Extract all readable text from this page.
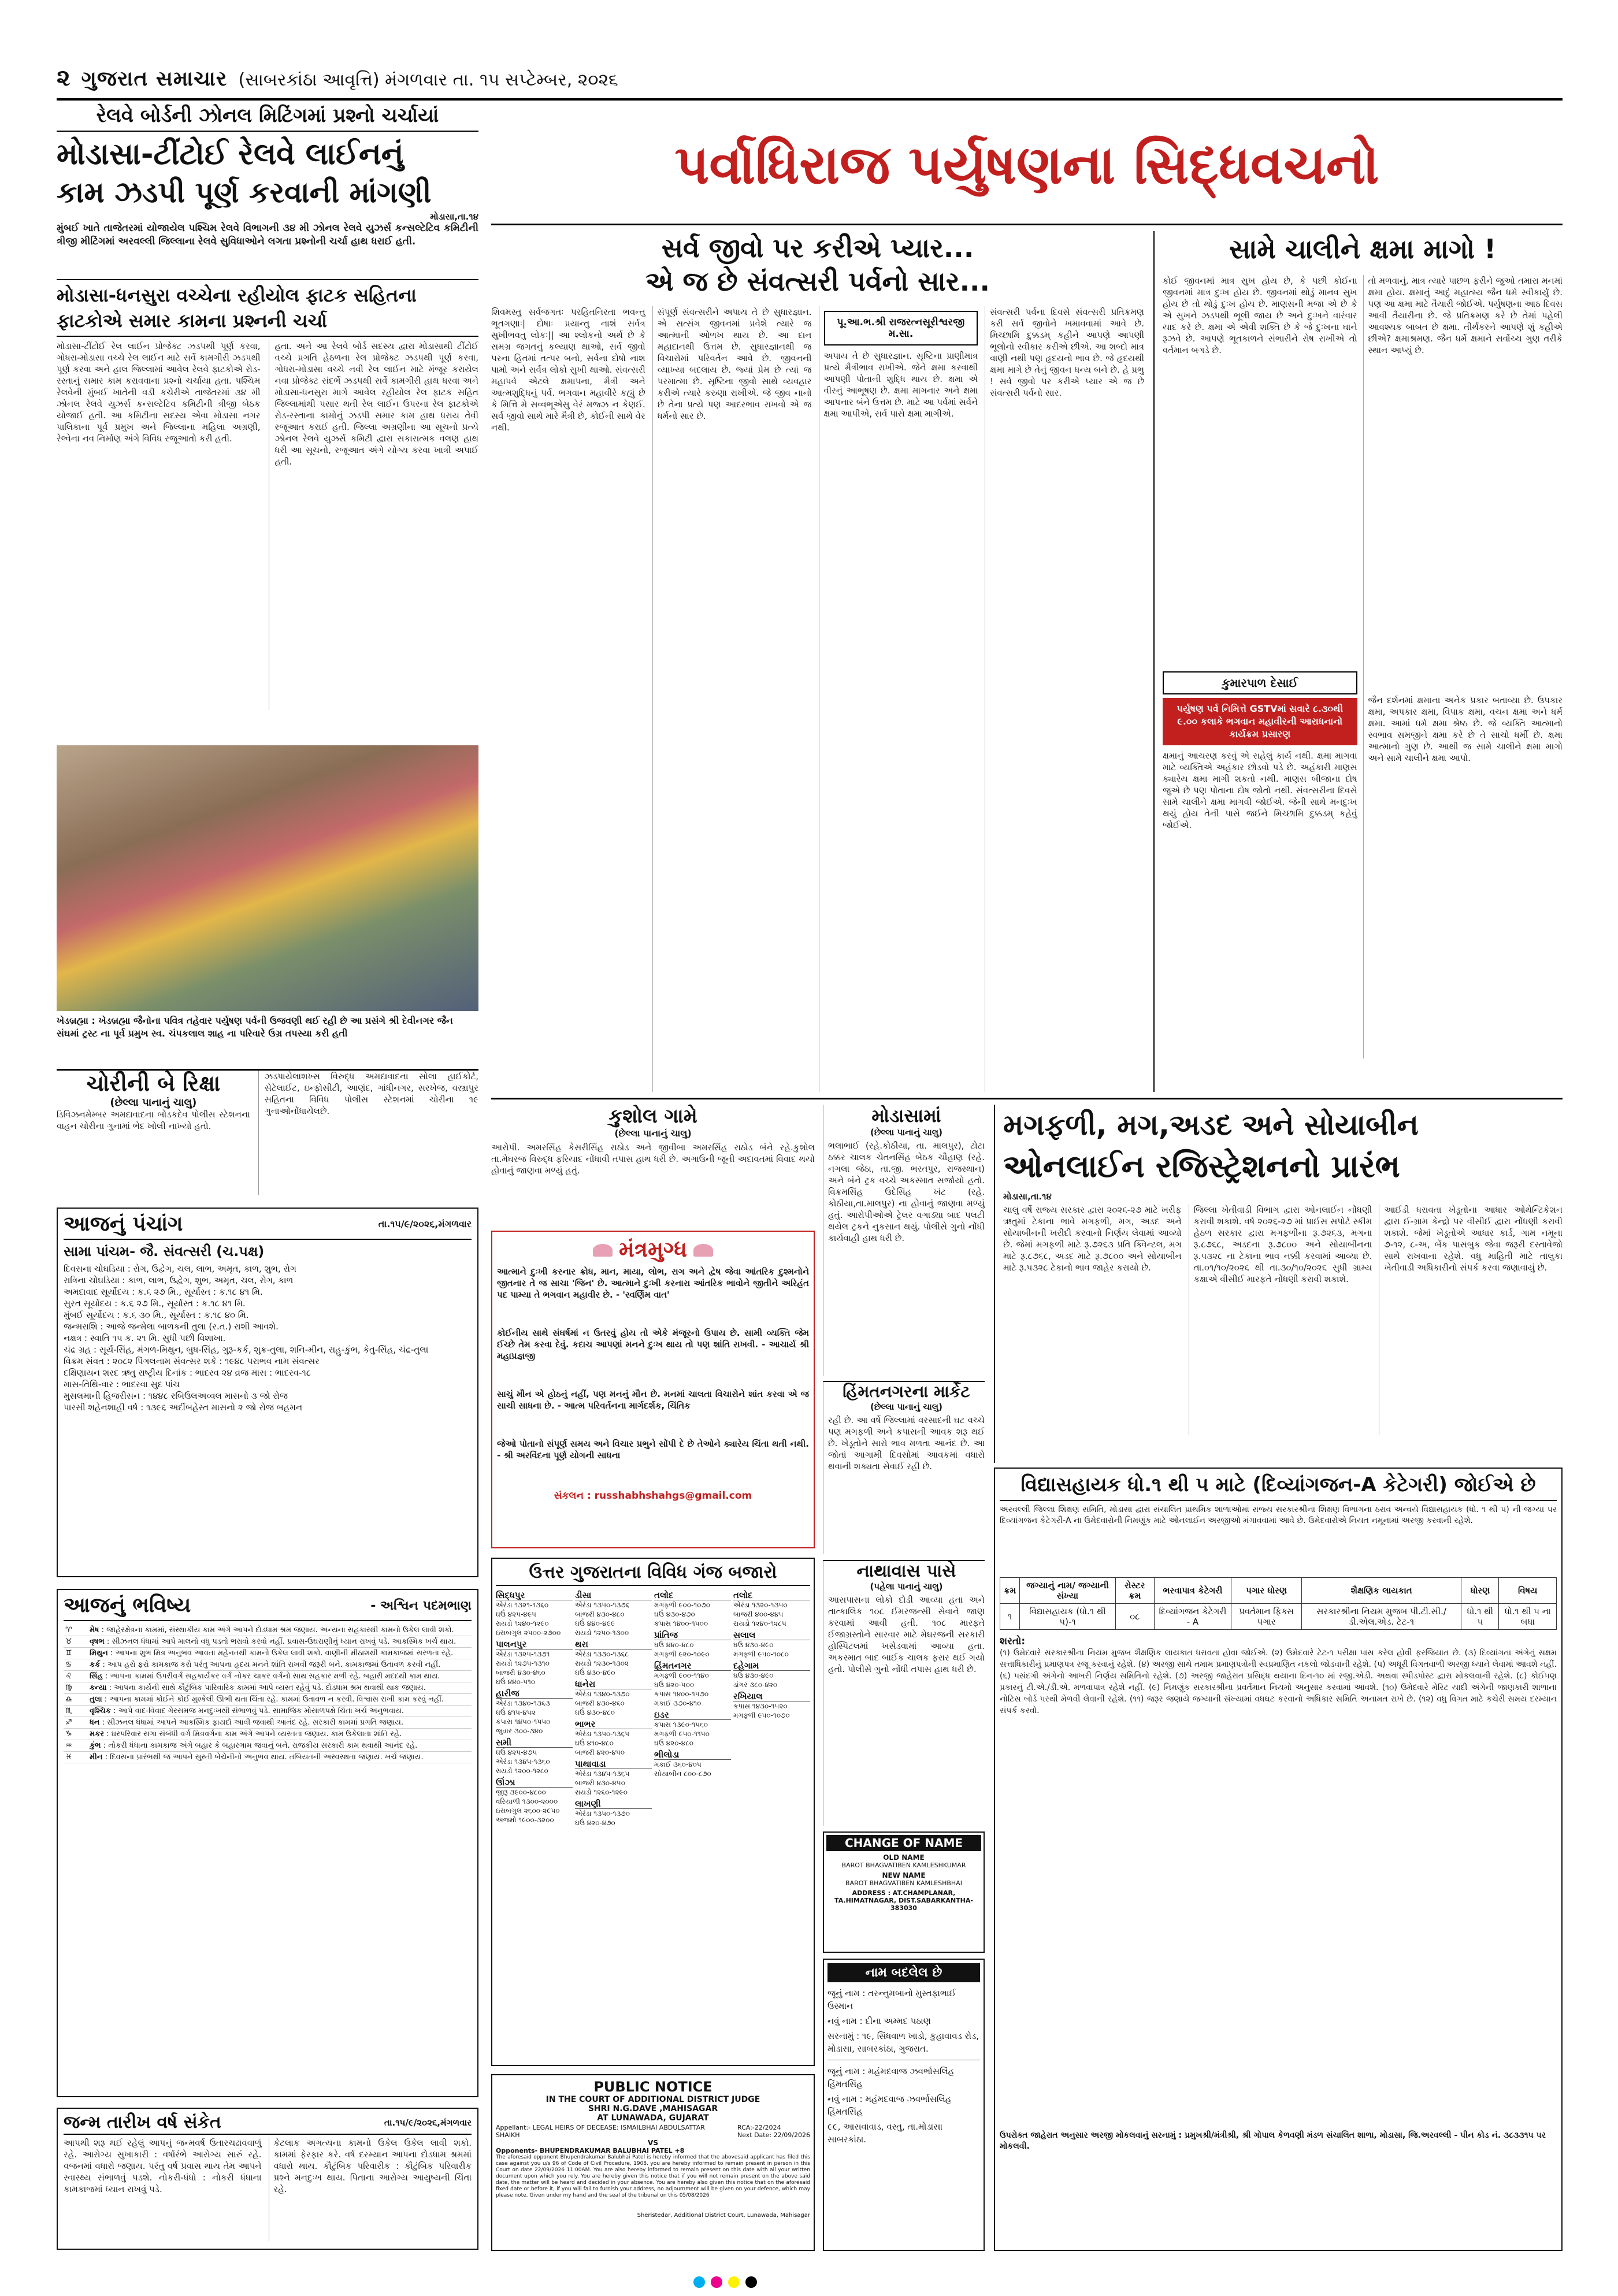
૨ ગુજરાત સમાચાર (સાબરકાંઠા આવૃત્તિ) મંગળવાર તા. ૧૫ સપ્ટેમ્બર, ૨૦૨૬
રેલવે બોર્ડની ઝોનલ મિટિંગમાં પ્રશ્નો ચર્ચાયાં
મોડાસા-ટીંટોઈ રેલવે લાઈનનું
કામ ઝડપી પૂર્ણ કરવાની માંગણી
મોડાસા,તા.૧૪
મુંબઈ ખાતે તાજેતરમાં યોજાયેલ પશ્ચિમ રેલવે વિભાગની ૩૪ મી ઝોનલ રેલવે યુઝર્સ કન્સલ્ટેટિવ કમિટીની ત્રીજી મીટિંગમાં અરવલ્લી જિલ્લાના રેલવે સુવિધાઓને લગતા પ્રશ્નોની ચર્ચા હાથ ધરાઈ હતી.
મોડાસા-ધનસુરા વચ્ચેના રહીયોલ ફાટક સહિતના ફાટકોએ સમાર કામના પ્રશ્નની ચર્ચા
મોડાસા-ટીંટોઈ રેલ લાઈન પ્રોજેક્ટ ઝડપથી પૂર્ણ કરવા, ગોધરા-મોડાસા વચ્ચે રેલ લાઈન માટે સર્વે કામગીરી ઝડપથી પૂર્ણ કરવા અને હાલ જિલ્લામાં આવેલ રેલવે ફાટકોએ રોડ-રસ્તાનું સમાર કામ કરાવવાના પ્રશ્નો ચર્ચાયા હતા. પશ્ચિમ રેલવેની મુંબઈ ખાતેની વડી કચેરીએ તાજેતરમાં ૩૪ મી ઝોનલ રેલવે યુઝર્સ કન્સલ્ટેટિવ કમિટીની ત્રીજી બેઠક યોજાઈ હતી. આ કમિટીના સદસ્ય એવા મોડાસા નગર પાલિકાના પૂર્વ પ્રમુખ અને જિલ્લાના મહિલા અગ્રણી, રેલ્વેના નવ નિર્માણ અંગે વિવિધ રજૂઆતો કરી હતી.
હતા. અને આ રેલવે બોર્ડ સદસ્ય દ્વારા મોડાસાથી ટીંટોઈ વચ્ચે પ્રગતિ હેઠળના રેલ પ્રોજેક્ટ ઝડપથી પૂર્ણ કરવા, ગોધરા-મોડાસા વચ્ચે નવી રેલ લાઈન માટે મંજૂર કરાયેલ નવા પ્રોજેક્ટ સંદર્ભે ઝડપથી સર્વે કામગીરી હાથ ધરવા અને મોડાસા-ધનસુરા માર્ગે આવેલ રહીયોલ રેલ ફાટક સહિત જિલ્લામાંથી પસાર થતી રેલ લાઈન ઉપરના રેલ ફાટકોએ રોડ-રસ્તાના કામોનું ઝડપી સમાર કામ હાથ ધરાય તેવી રજૂઆત કરાઈ હતી. જિલ્લા અગ્રણીના આ સૂચનો પ્રત્યે ઝોનલ રેલવે યુઝર્સ કમિટી દ્વારા સકારાત્મક વલણ હાથ ધરી આ સૂચનો, રજૂઆત અંગે યોગ્ય કરવા ખાત્રી અપાઈ હતી.
ખેડબ્રહ્મા : ખેડબ્રહ્મા જૈનોના પવિત્ર તહેવાર પર્યુષણ પર્વની ઉજવણી થઈ રહી છે આ પ્રસંગે શ્રી દેવીનગર જૈન સંઘમાં ટ્રસ્ટ ના પૂર્વ પ્રમુખ સ્વ. ચંપકલાલ શાહ ના પરિવારે ઉગ્ર તપસ્યા કરી હતી
ચોરીની બે રિક્ષા
(છેલ્લા પાનાનું ચાલુ)
ડિવિઝનમેમ્બર અમદાવાદના બોડકદેવ પોલીસ સ્ટેશનના વાહન ચોરીના ગુનામાં ભેદ ખોલી નાખ્યો હતો.
ઝડપાયેલાશખ્સ વિરુદ્ધ અમદાવાદના સોલા હાઈકોર્ટ, સેટેલાઈટ, ઇન્ફોસીટી, આણંદ, ગાંધીનગર, સરખેજ, વસ્ત્રાપુર સહિતના વિવિધ પોલીસ સ્ટેશનમાં ચોરીના ૧૯ ગુનાઓનોંધાયેલછે.
આજનું પંચાંગ	તા.૧૫/૯/૨૦૨૬,મંગળવાર
સામા પાંચમ- જૈ. સંવત્સરી (ચ.પક્ષ)
દિવસના ચોઘડિયા : રોગ, ઉદ્વેગ, ચલ, લાભ, અમૃત, કાળ, શુભ, રોગ
રાત્રિના ચોઘડિયા : કાળ, લાભ, ઉદ્વેગ, શુભ, અમૃત, ચલ, રોગ, કાળ
અમદાવાદ સૂર્યોદય : ક.૬ ૨૭ મિ., સૂર્યાસ્ત : ક.૧૮ ૪૧ મિ.
સુરત સૂર્યોદય : ક.૬ ૨૭ મિ., સૂર્યાસ્ત : ક.૧૮ ૪૧ મિ.
મુંબઈ સૂર્યોદય : ક.૬ ૩૦ મિ., સૂર્યાસ્ત : ક.૧૮ ૪૦ મિ.
જન્મરાશિ : આજે જન્મેલા બાળકની તુલા (ર.ત.) રાશી આવશે.
નક્ષત્ર : સ્વાતિ ૧૫ ક. ૨૧ મિ. સુધી પછી વિશાખા.
ચંદ્ર ગ્રહ : સૂર્ય-સિંહ, મંગળ-મિથુન, બુધ-સિંહ, ગુરૂ-કર્ક, શુક્ર-તુલા, શનિ-મીન, રાહુ-કુંભ, કેતુ-સિંહ, ચંદ્ર-તુલા
વિક્રમ સંવત : ૨૦૮૨ પિંગલનામ સંવત્સર શકે : ૧૯૪૮ પરાભવ નામ સંવત્સર
દક્ષિણાયન શરદ ઋતુ રાષ્ટ્રીય દિનાંક : ભાદરવ ૨૪ વ્રજ માસ : ભાદરવ-૧૮
માસ-તિથિ-વાર : ભાદરવા સુદ પાંચ
મુસલમાની હિજરીસન : ૧૪૪૮ રબિઉલઅવ્વલ માસનો ૩ જો રોજ
પારસી શહેનશાહી વર્ષ : ૧૩૯૬ અર્દીબહેસ્ત માસનો ૨ જો રોજ બહમન
આજનું ભવિષ્ય	- અશ્વિન પદમભાણ
♈	મેષ : જાહેરક્ષેત્રના કામમાં, સંસ્થાકીય કામ અંગે આપને દોડધામ શ્રમ જણાય. અન્યના સહકારથી કામનો ઉકેલ લાવી શકો.
♉	વૃષભ : સીઝનલ ધંધામાં આપે માલનો વધુ પડતો ભરાવો કરવો નહીં. પ્રવાસ-ઉઘરાણીનું ધ્યાન રાખવું પડે. આકસ્મિક ખર્ચ થાય.
♊	મિથુન : આપના શુભ મિત્ર અનુભવ આવતા મહેનતથી કામનો ઉકેલ લાવી શકો. વાણીની મીઠાશથી કામકાજમાં સરળતા રહે.
♋	કર્ક : આપ હરો ફરો કામકાજ કરો પરંતુ આપના હૃદય મનને શાંતિ રાખવી જરૂરી બને. કામકાજમાં ઉતાવળ કરવી નહીં.
♌	સિંહ : આપના કામમાં ઉપરીવર્ગ સહકાર્યકર વર્ગ નોકર ચાકર વર્ગનો સાથ સહકાર મળી રહે. બહારી મદદથી કામ થાય.
♍	કન્યા : આપના કાર્યની સાથે કૌટુંબિક પારિવારિક કામમાં આપે વ્યસ્ત રહેવું પડે. દોડધામ શ્રમ થવાથી થાક જણાય.
♎	તુલા : આપના કામમાં કોઈને કોઈ મુશ્કેલી ઊભી થતા ચિંતા રહે. કામમાં ઉતાવળ ન કરવી. વિશ્વાસ રાખી કામ કરવું નહીં.
♏	વૃશ્ચિક : આપે વાદ-વિવાદ ગેરસમજ મનદુઃખથી સંભાળવું પડે. સામાજિક મોસાળપક્ષે ચિંતા ખર્ચ અનુભવાય.
♐	ધન : સીઝનલ ધંધામાં આપને આકસ્મિક ફાયદો આવી જવાથી આનંદ રહે. સરકારી કામમાં પ્રગતિ જણાય.
♑	મકર : ઘરપરિવાર સગા સંબંધી વર્ગ મિત્રવર્ગના કામ અંગે આપને વ્યસ્તતા જણાય. કામ ઉકેલાતા શાંતિ રહે.
♒	કુંભ : નોકરી ધંધાના કામકાજ અંગે બહાર કે બહારગામ જવાનું બને. રાજકીય સરકારી કામ થવાથી આનંદ રહે.
♓	મીન : દિવસના પ્રારંભથી જ આપને સુસ્તી બેચેનીનો અનુભવ થાય. તબિયતની અસ્વસ્થતા જણાય. ખર્ચ જણાય.
જન્મ તારીખ વર્ષ સંકેત	તા.૧૫/૯/૨૦૨૬,મંગળવાર
આપથી શરૂ થઈ રહેલું આપનું જન્મવર્ષ ઉતારચઢાવવાળું રહે. આરોગ્ય સુખાકારી : વર્ષારંભે આરોગ્ય સારું રહે. વજનમાં વધારો જણાય. પરંતુ વર્ષ પ્રવાસ થાય તેમ આપને સ્વાસ્થ્ય સંભાળવું પડશે. નોકરી-ધંધો : નોકરી ધંધાના કામકાજમાં ધ્યાન રાખવું પડે.
કેટલાક અગત્યના કામનો ઉકેલ ઉકેલ લાવી શકો. કામમાં ફેરફાર કરે. વર્ષ દરમ્યાન આપના દોડધામ શ્રમમાં વધારો થાય. કૌટુંબિક પરિવારીક : કૌટુંબિક પરિવારીક પ્રશ્ને મનદુઃખ થાય. પિતાના આરોગ્ય આયુષ્યની ચિંતા રહે.
પર્વાધિરાજ પર્યુષણના સિદ્ધવચનો
સર્વ જીવો પર કરીએ પ્યાર...
એ જ છે સંવત્સરી પર્વનો સાર...
શિવમસ્તુ સર્વજગતઃ પરહિતનિરતા ભવન્તુ ભૂતગણાઃ| દોષાઃ પ્રયાન્તુ નાશં સર્વત્ર સુખીભવતુ લોકઃ|| આ શ્લોકનો અર્થ છે કે સમગ્ર જગતનું કલ્યાણ થાઓ, સર્વ જીવો પરના હિતમાં તત્પર બનો, સર્વના દોષો નાશ પામો અને સર્વત્ર લોકો સુખી થાઓ. સંવત્સરી મહાપર્વ એટલે ક્ષમાપના, મૈત્રી અને આત્મશુદ્ધિનું પર્વ. ભગવાન મહાવીરે કહ્યું છે કે મિત્તિ મે સવ્વભૂએસુ વેરં મજ્ઝ ન કેણઈ. સર્વ જીવો સાથે મારે મૈત્રી છે, કોઈની સાથે વેર નથી.
સંપૂર્ણ સંવત્સરીને અપાય તે છે સુધારજ્ઞાન. એ સત્સંગ જીવનમાં પ્રવેશે ત્યારે જ આત્માની ઓળખ થાય છે. આ દાન મહાદાનથી ઉત્તમ છે. સુધારજ્ઞાનથી જ વિચારોમાં પરિવર્તન આવે છે. જીવનની વ્યાખ્યા બદલાય છે. જ્યાં પ્રેમ છે ત્યાં જ પરમાત્મા છે. સૃષ્ટિના જીવો સાથે વ્યવહાર કરીએ ત્યારે કરુણા રાખીએ. જે જીવ નાનો છે તેના પ્રત્યે પણ આદરભાવ રાખવો એ જ ધર્મનો સાર છે.
પૂ.આ.ભ.શ્રી રાજરત્નસૂરીશ્વરજી મ.સા.
અપાય તે છે સુધારજ્ઞાન. સૃષ્ટિના પ્રાણીમાત્ર પ્રત્યે મૈત્રીભાવ રાખીએ. જેને ક્ષમા કરવાથી આપણી પોતાની શુદ્ધિ થાય છે. ક્ષમા એ વીરનું આભૂષણ છે. ક્ષમા માગનાર અને ક્ષમા આપનાર બંને ઉત્તમ છે. માટે આ પર્વમાં સર્વને ક્ષમા આપીએ, સર્વ પાસે ક્ષમા માગીએ.
સંવત્સરી પર્વના દિવસે સંવત્સરી પ્રતિક્રમણ કરી સર્વ જીવોને ખમાવવામાં આવે છે. મિચ્છામિ દુક્કડમ્ કહીને આપણે આપણી ભૂલોનો સ્વીકાર કરીએ છીએ. આ શબ્દો માત્ર વાણી નથી પણ હૃદયનો ભાવ છે. જે હૃદયથી ક્ષમા માગે છે તેનું જીવન ધન્ય બને છે. હે પ્રભુ ! સર્વ જીવો પર કરીએ પ્યાર એ જ છે સંવત્સરી પર્વનો સાર.
સામે ચાલીને ક્ષમા માગો !
કોઈ જીવનમાં માત્ર સુખ હોય છે, કે પછી કોઈના જીવનમાં માત્ર દુઃખ હોય છે. જીવનમાં થોડું માનવ સુખ હોય છે તો થોડું દુઃખ હોય છે. માણસની મજા એ છે કે એ સુખને ઝડપથી ભૂલી જાય છે અને દુઃખને વારંવાર યાદ કરે છે. ક્ષમા એ એવી શક્તિ છે કે જે દુઃખના ઘાને રૂઝવે છે. આપણે ભૂતકાળને સંભારીને રોષ રાખીએ તો વર્તમાન બગડે છે.
કુમારપાળ દેસાઈ
પર્યુષણ પર્વ નિમિત્તે GSTVમાં સવારે ૮.૩૦થી ૯.૦૦ કલાકે ભગવાન મહાવીરની આરાધનાનો કાર્યક્રમ પ્રસારણ
ક્ષમાનું આચરણ કરવું એ સહેલું કાર્ય નથી. ક્ષમા માગવા માટે વ્યક્તિએ અહંકાર છોડવો પડે છે. અહંકારી માણસ ક્યારેય ક્ષમા માગી શકતો નથી. માણસ બીજાના દોષ જુએ છે પણ પોતાના દોષ જોતો નથી. સંવત્સરીના દિવસે સામે ચાલીને ક્ષમા માગવી જોઈએ. જેની સાથે મનદુઃખ થયું હોય તેની પાસે જઈને મિચ્છામિ દુક્કડમ્ કહેવું જોઈએ.
તો મળવાનું. માત્ર ત્યારે પાછળ ફરીને જુઓ તમારા મનમાં ક્ષમા હોય. ક્ષમાનું આદું મહાત્મ્ય જૈન ધર્મ સ્વીકાર્યું છે. પણ આ ક્ષમા માટે તૈયારી જોઈએ. પર્યુષણના આઠ દિવસ આવી તૈયારીના છે. જે પ્રતિક્રમણ કરે છે તેમાં પહેલી આવશ્યક બાબત છે ક્ષમા. તીર્થંકરને આપણે શું કહીએ છીએ? ક્ષમાશ્રમણ. જૈન ધર્મે ક્ષમાને સર્વોચ્ચ ગુણ તરીકે સ્થાન આપ્યું છે.
જૈન દર્શનમાં ક્ષમાના અનેક પ્રકાર બતાવ્યા છે. ઉપકાર ક્ષમા, અપકાર ક્ષમા, વિપાક ક્ષમા, વચન ક્ષમા અને ધર્મ ક્ષમા. આમાં ધર્મ ક્ષમા શ્રેષ્ઠ છે. જે વ્યક્તિ આત્માનો સ્વભાવ સમજીને ક્ષમા કરે છે તે સાચો ધર્મી છે. ક્ષમા આત્માનો ગુણ છે. આથી જ સામે ચાલીને ક્ષમા માગો અને સામે ચાલીને ક્ષમા આપો.
કુશોલ ગામે
(છેલ્લા પાનાનું ચાલુ)
આરોપી. અમરસિંહ કેસરીસિંહ રાઠોડ અને જીવીબા અમરસિંહ રાઠોડ બંને રહે.કુશોલ તા.મેઘરજ વિરુદ્ધ ફરિયાદ નોંધાવી તપાસ હાથ ધરી છે. અગાઉની જૂની અદાવતમાં વિવાદ થયો હોવાનું જાણવા મળ્યું હતું.
મંત્રમુગ્ધ
આત્માને દુઃખી કરનાર ક્રોધ, માન, માયા, લોભ, રાગ અને દ્વેષ જેવા આંતરિક દુશ્મનોને જીતનાર તે જ સાચા 'જિન' છે. આત્માને દુઃખી કરનારા આંતરિક ભાવોને જીતીને અરિહંત પદ પામ્યા તે ભગવાન મહાવીર છે. - 'સ્વર્ણિમ વાત'
કોઈનીય સાથે સંઘર્ષમાં ન ઉતરવું હોય તો એકે મંજૂરનો ઉપાય છે. સામી વ્યક્તિ જેમ ઈચ્છે તેમ કરવા દેવું. કદાચ આપણાં મનને દુઃખ થાય તો પણ શાંતિ રાખવી. - આચાર્ય શ્રી મહાપ્રજ્ઞજી
સાચું મૌન એ હોઠનું નહીં, પણ મનનું મૌન છે. મનમાં ચાલતા વિચારોને શાંત કરવા એ જ સાચી સાધના છે. - આત્મ પરિવર્તનના માર્ગદર્શક, ચિંતિક
જેઓ પોતાનો સંપૂર્ણ સમય અને વિચાર પ્રભુને સોંપી દે છે તેઓને ક્યારેય ચિંતા થતી નથી. - શ્રી અરવિંદના પૂર્ણ યોગની સાધના
સંકલન : russhabhshahgs@gmail.com
ઉત્તર ગુજરાતના વિવિધ ગંજ બજારો
સિદ્ધપુર
એરંડા ૧૩૨૧-૧૩૬૦
ઘઉં ૪૨૫-૪૯૫
રાયડો ૧૨૪૦-૧૨૯૦
ઇસબગુલ ૨૫૦૦-૨૭૦૦
પાલનપુર
એરંડા ૧૩૨૫-૧૩૭૧
રાયડો ૧૨૭૫-૧૩૧૦
બાજરી ૪૩૦-૪૬૦
ઘઉં ૪૪૦-૫૧૦
હારીજ
એરંડા ૧૩૪૦-૧૩૬૩
ઘઉં ૪૧૫-૪૫૨
કપાસ ૧૪૫૦-૧૫૫૦
જુવાર ૩૦૦-૩૪૦
સમી
ઘઉં ૪૨૫-૪૭૫
એરંડા ૧૩૪૫-૧૩૬૦
રાયડો ૧૨૦૦-૧૨૮૦
ઊંઝા
જીરૂ ૩૯૦૦-૪૮૦૦
વરિયાળી ૧૩૦૦-૨૦૦૦
ઇસબગુલ ૨૬૦૦-૨૯૫૦
અજમો ૧૯૦૦-૩૨૦૦
ડીસા
એરંડા ૧૩૫૦-૧૩૭૬
બાજરી ૪૩૦-૪૮૦
ઘઉં ૪૪૦-૪૯૯
રાયડો ૧૨૫૦-૧૩૦૦
થરા
એરંડા ૧૩૩૦-૧૩૬૮
રાયડો ૧૨૩૦-૧૩૦૨
ઘઉં ૪૩૦-૪૯૦
ધાનેરા
એરંડા ૧૩૪૦-૧૩૭૦
બાજરી ૪૩૦-૪૬૦
ઘઉં ૪૩૦-૪૮૦
ભાભર
એરંડા ૧૩૫૦-૧૩૬૫
ઘઉં ૪૧૦-૪૮૦
બાજરી ૪૨૦-૪૫૦
પાથાવાડા
એરંડા ૧૩૪૫-૧૩૬૫
બાજરી ૪૩૦-૪૫૦
રાયડો ૧૨૬૦-૧૨૯૦
લાખણી
એરંડા ૧૩૫૦-૧૩૭૦
ઘઉં ૪૨૦-૪૭૦
તલોદ
મગફળી ૯૦૦-૧૦૭૦
ઘઉં ૪૩૦-૪૭૦
કપાસ ૧૪૦૦-૧૫૦૦
પ્રાંતિજ
ઘઉં ૪૪૦-૪૮૦
મગફળી ૯૨૦-૧૦૯૦
હિંમતનગર
મગફળી ૯૦૦-૧૧૪૦
ઘઉં ૪૨૦-૫૦૦
કપાસ ૧૪૦૦-૧૫૭૦
મકાઈ ૩૭૦-૪૧૦
ઇડર
કપાસ ૧૩૯૦-૧૫૬૦
મગફળી ૯૫૦-૧૧૫૦
ઘઉં ૪૨૦-૪૮૦
ભીલોડા
મકાઈ ૩૬૦-૪૦૫
સોયાબીન ૮૦૦-૮૭૦
તલોદ
એરંડા ૧૩૨૦-૧૩૫૦
બાજરી ૪૦૦-૪૪૫
રાયડો ૧૨૪૦-૧૨૮૫
સલાલ
ઘઉં ૪૩૦-૪૯૦
મગફળી ૯૫૦-૧૦૮૦
દહેગામ
ઘઉં ૪૩૦-૪૯૦
ડાંગર ૩૮૦-૪૨૦
રખિયાલ
કપાસ ૧૪૩૦-૧૫૨૦
મગફળી ૯૫૦-૧૦૭૦
PUBLIC NOTICE
IN THE COURT OF ADDITIONAL DISTRICT JUDGE
SHRI N.G.DAVE ,MAHISAGAR
AT LUNAWADA, GUJARAT
Appellant:- LEGAL HEIRS OF DECEASE: ISMAILBHAI ABDULSATTAR SHAIKH
RCA:-22/2024
Next Date: 22/09/2026
VS
Opponents- BHUPENDRAKUMAR BALUBHAI PATEL +8
The aforesaid opponent Bhupendrakumar Balubhai Patel is hereby informed that the abovesaid applicant has filed this case against you u/s 96 of Code of Civil Procedure, 1908. you are hereby informed to remain present in person in this Court on date 22/09/2026 11:00AM. You are also hereby informed to remain present on this date with all your written document upon which you rely. You are hereby given this notice that if you will not remain present on the above said date, the matter will be heard and decided in your absence. You are hereby also given this notice that on the aforesaid fixed date or before it, if you will fail to furnish your address, no adjournment will be given on your defence, which may please note. Given under my hand and the seal of the tribunal on this 05/08/2026
Sheristedar, Additional District Court, Lunawada, Mahisagar
મોડાસામાં
(છેલ્લા પાનાનું ચાલુ)
ભલાભાઈ (રહે.કોઠીયા, તા. માલપુર), ટોટા ઠક્કર ચાલક ચેતનસિંહ બેઠક ચૌહાણ (રહે. નગલા જેઠા, તા.જી. ભરતપુર, રાજસ્થાન) અને બંને ટ્રક વચ્ચે અકસ્માત સર્જાયો હતો. વિક્રમસિંહ ઉદેસિંહ ખંટ (રહે. કોઠીયા,તા.માલપુર) ના હોવાનું જાણવા મળ્યું હતું. આરોપીઓએ ટ્રેલર વગાડ્યા બાદ પલટી થયેલ ટ્રકને નુકસાન થયું. પોલીસે ગુનો નોંધી કાર્યવાહી હાથ ધરી છે.
હિંમતનગરના માર્કેટ
(છેલ્લા પાનાનું ચાલુ)
રહી છે. આ વર્ષે જિલ્લામાં વરસાદની ઘટ વચ્ચે પણ મગફળી અને કપાસની આવક શરૂ થઈ છે. ખેડૂતોને સારો ભાવ મળતા આનંદ છે. આ જોતાં આગામી દિવસોમાં આવકમાં વધારો થવાની શક્યતા સેવાઈ રહી છે.
નાથાવાસ પાસે
(પહેલા પાનાનું ચાલુ)
આસપાસના લોકો દોડી આવ્યા હતા અને તાત્કાલિક ૧૦૮ ઈમરજન્સી સેવાને જાણ કરવામાં આવી હતી. ૧૦૮ મારફતે ઈજાગ્રસ્તોને સારવાર માટે મેઘરજની સરકારી હોસ્પિટલમાં ખસેડવામાં આવ્યા હતા. અકસ્માત બાદ બાઈક ચાલક ફરાર થઈ ગયો હતો. પોલીસે ગુનો નોંધી તપાસ હાથ ધરી છે.
CHANGE OF NAME
OLD NAME
BAROT BHAGVATIBEN KAMLESHKUMAR
NEW NAME
BAROT BHAGVATIBEN KAMLESHBHAI
ADDRESS : AT.CHAMPLANAR, TA.HIMATNAGAR, DIST.SABARKANTHA-383030
નામ બદલેલ છે
જૂનું નામ : તરન્નુમબાનો મુસ્તફાભાઈ ઉસ્માન
નવું નામ : દીના અમ્મદ પઠાણ
સરનામું : ૧૯, સિંધવાળ ખાડો, કુહાવાવડ રોડ, મોડાસા, સાબરકાંઠા, ગુજરાત.
જૂનું નામ : મહંમદવાજ ઝવર્ભાસલિંહ હિંમતસિંહ
નવું નામ : મહંમદવાજ ઝવર્ભાસલિંહ હિંમતસિંહ
૯૯, આસવાવાડ, વસ્તુ, તા.મોડાસા સાબરકાંઠા.
મગફળી, મગ,અડદ અને સોયાબીન
ઓનલાઈન રજિસ્ટ્રેશનનો પ્રારંભ
મોડાસા,તા.૧૪
ચાલુ વર્ષે રાજ્ય સરકાર દ્વારા ૨૦૨૬-૨૭ માટે ખરીફ ઋતુમાં ટેકાના ભાવે મગફળી, મગ, અડદ અને સોયાબીનની ખરીદી કરવાનો નિર્ણય લેવામાં આવ્યો છે. જેમાં મગફળી માટે રૂ.૭૨૬૩ પ્રતિ ક્વિન્ટલ, મગ માટે રૂ.૮૭૬૮, અડદ માટે રૂ.૭૮૦૦ અને સોયાબીન માટે રૂ.૫૩૨૮ ટેકાનો ભાવ જાહેર કરાયો છે.
જિલ્લા ખેતીવાડી વિભાગ દ્વારા ઓનલાઈન નોંધણી કરાવી શકાશે. વર્ષ ૨૦૨૬-૨૭ માં પ્રાઈસ સપોર્ટ સ્કીમ હેઠળ સરકાર દ્વારા મગફળીના રૂ.૭૨૬૩, મગના રૂ.૮૭૬૮, અડદના રૂ.૭૮૦૦ અને સોયાબીનના રૂ.૫૩૨૮ ના ટેકાના ભાવ નક્કી કરવામાં આવ્યા છે. તા.૦૧/૧૦/૨૦૨૬ થી તા.૩૦/૧૦/૨૦૨૬ સુધી ગ્રામ્ય કક્ષાએ વીસીઈ મારફતે નોંધણી કરાવી શકાશે.
આઈડી ધરાવતા ખેડૂતોના આધાર ઓથેન્ટિકેશન દ્વારા ઈ-ગ્રામ કેન્દ્રો પર વીસીઈ દ્વારા નોંધણી કરાવી શકાશે. જેમાં ખેડૂતોએ આધાર કાર્ડ, ગામ નમૂના ૭-૧૨, ૮-અ, બેંક પાસબુક જેવા જરૂરી દસ્તાવેજો સાથે રાખવાના રહેશે. વધુ માહિતી માટે તાલુકા ખેતીવાડી અધિકારીનો સંપર્ક કરવા જણાવાયું છે.
વિદ્યાસહાયક ધો.૧ થી ૫ માટે (દિવ્યાંગજન-A કેટેગરી) જોઈએ છે
અરવલ્લી જિલ્લા શિક્ષણ સમિતિ, મોડાસા દ્વારા સંચાલિત પ્રાથમિક શાળાઓમાં રાજ્ય સરકારશ્રીના શિક્ષણ વિભાગના ઠરાવ અન્વયે વિદ્યાસહાયક (ધો. ૧ થી ૫) ની જગ્યા પર દિવ્યાંગજન કેટેગરી-A ના ઉમેદવારોની નિમણૂંક માટે ઓનલાઈન અરજીઓ મંગાવવામાં આવે છે. ઉમેદવારોએ નિયત નમૂનામાં અરજી કરવાની રહેશે.
ક્રમ	જગ્યાનું નામ/ જગ્યાની સંખ્યા	રોસ્ટર ક્રમ	ભરવાપાત્ર કેટેગરી	પગાર ધોરણ	શૈક્ષણિક લાયકાત	ધોરણ	વિષય
૧	વિદ્યાસહાયક (ધો.૧ થી ૫)-૧	૦૮	દિવ્યાંગજન કેટેગરી - A	પ્રવર્તમાન ફિક્સ પગાર	સરકારશ્રીના નિયમ મુજબ પી.ટી.સી./ ડી.એલ.એડ. ટેટ-૧	ધો.૧ થી ૫	ધો.૧ થી ૫ ના બધા
શરતો:
(૧) ઉમેદવારે સરકારશ્રીના નિયમ મુજબ શૈક્ષણિક લાયકાત ધરાવતા હોવા જોઈએ. (૨) ઉમેદવારે ટેટ-૧ પરીક્ષા પાસ કરેલ હોવી ફરજિયાત છે. (૩) દિવ્યાંગતા અંગેનું સક્ષમ સત્તાધિકારીનું પ્રમાણપત્ર રજૂ કરવાનું રહેશે. (૪) અરજી સાથે તમામ પ્રમાણપત્રોની સ્વપ્રમાણિત નકલો જોડવાની રહેશે. (૫) અધૂરી વિગતવાળી અરજી ધ્યાને લેવામાં આવશે નહીં. (૬) પસંદગી અંગેનો આખરી નિર્ણય સમિતિનો રહેશે. (૭) અરજી જાહેરાત પ્રસિદ્ધ થયાના દિન-૧૦ માં રજી.એડી. અથવા સ્પીડપોસ્ટ દ્વારા મોકલવાની રહેશે. (૮) કોઈપણ પ્રકારનું ટી.એ./ડી.એ. મળવાપાત્ર રહેશે નહીં. (૯) નિમણૂંક સરકારશ્રીના પ્રવર્તમાન નિયમો અનુસાર કરવામાં આવશે. (૧૦) ઉમેદવારે મેરિટ યાદી અંગેની જાણકારી શાળાના નોટિસ બોર્ડ પરથી મેળવી લેવાની રહેશે. (૧૧) જરૂર જણાયે જગ્યાની સંખ્યામાં વધઘટ કરવાનો અધિકાર સમિતિ અનામત રાખે છે. (૧૨) વધુ વિગત માટે કચેરી સમય દરમ્યાન સંપર્ક કરવો.
ઉપરોક્ત જાહેરાત અનુસાર અરજી મોકલવાનું સરનામું : પ્રમુખશ્રી/મંત્રીશ્રી, શ્રી ગોપાલ કેળવણી મંડળ સંચાલિત શાળા, મોડાસા, જિ.અરવલ્લી - પીન કોડ નં. ૩૮૩૩૧૫ પર મોકલવી.
